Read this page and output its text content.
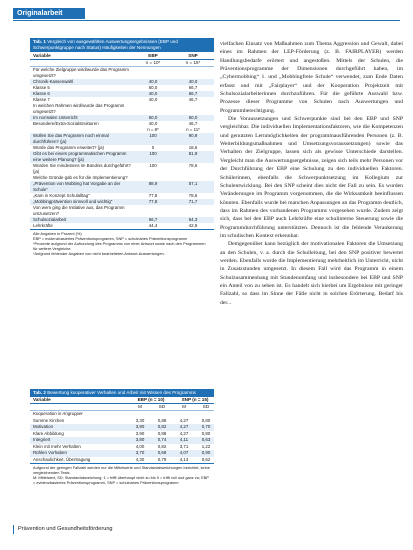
Originalarbeit
Tab. 1 Vergleich von ausgewählten Auswertungsergebnissen (EBP und Schwerpunktgruppe nach Status) Häufigkeiten der Nennungen
Variable	EBP	SNP
n = 10*	n = 15*
Für welche Zielgruppe wird/wurde das Programm umgesetzt?
Chronik-Kassenwahl	40,0	40,0
Klasse 5	60,0	66,7
Klasse 6	40,0	66,7
Klasse 7	40,0	46,7
In welchen Rahmen wird/wurde das Programm umgesetzt?
Im normalen Unterricht	60,0	60,0
Besondere/Extra-Sozialstrukturen	40,0	46,7
n = 8*	n = 11*
Wollen Sie das Programm noch einmal durchführen? (ja)
100	90,9
Würde das Programm erweitert? (ja)	0	18,6
Gibt es bei einem programmatischen Programm eine weitere Planung? (ja)
100	81,9
Würden Sie mindestens im Bündnis durchgeführt? (ja)
100	78,6
Welche Gründe gab es für die Implementierung?
„Prävention von Mobbing hat Vorgabe an der Schule“
88,9	57,1
„Kam in Konzept Schulalltag“	77,8	78,6
„Mobbingprävention sinnvoll und wichtig“	77,8	71,7
Von wem ging die Initiative aus, das Programm umzusetzen?
Schulsozialarbeit	66,7	64,3
Lehrkräfte	44,4	42,9
Alle Angaben in Prozent (%)
EBP = evidenzbasiertes Präventionsprogramm, SNP = schulnahes Präventionsprogramm
*Prozente aufgrund der Aufrundung des Programms von einer Antwort sowie nach den Programmen für weitere Vergleiche.
*Aufgrund fehlender Angaben von nicht bearbeiteten Antwort-Auswertungen.
Tab. 2 Bewertung kooperativer Verhalten und Arbeit mit Wissen des Programms
Variable	EBP (n = 10)	SNP (n = 15)
M	SD	M	SD
Kooperation in Angrupper
Summe Kirchen	3,30	0,88	4,27	0,80
Motivation	3,90	0,82	4,27	0,70
Klare Abbildung	3,90	0,88	4,27	0,80
Integriert	3,80	0,74	4,11	0,63
Klein mit mehr Verhalten	4,00	0,82	3,71	1,22
Rühlen Vorhaben	3,70	0,68	4,07	0,90
Anschaulichkeit, Übertragung	4,30	0,79	4,13	0,62
Aufgrund der geringen Fallzahl werden nur die Mittelwerte und Standardabweichungen berichtet, keine vergleichenden Tests.
M: Mittelwert, SD: Standardabweichung; 1 = trifft überhaupt nicht zu bis 5 = trifft voll und ganz zu; EBP = evidenzbasiertes Präventionsprogramm, SNP = schulnahes Präventionsprogramm

vielfachen Einsatz von Maßnahmen zum Thema Aggression und Gewalt, dabei eines im Rahmen der LEP-Förderung (z. B. FAIRPLAYER) werden Handlungsbedarfe erörtert und angestoßen. Mittels der Schulen, die Präventionsprogramme der Dimensionen durchgeführt haben, im „Cybermobbing“ 1. und „Mobbingfreie Schule“ verwendet, zum Ende Daten erfasst und mit „Fairplayer“ und der Kooperation Projektzeit mit Schulsozialarbeiterinnen durchzuführen. Für die geführte Auswahl bzw. Prozesse dieser Programme von Schulen nach Auswertungen und Programmberechtigung.

Die Voraussetzungen und Schwerpunkte sind bei den EBP und SNP vergleichbar. Die individuellen Implementationsfaktoren, wie die Kompetenzen und genutzten Lernmöglichkeiten der programmausführenden Personen (z. B. Weiterbildungsmaßnahmen und Umsetzungsvoraussetzungen) sowie das Verhalten der Zielgruppe, lassen sich als gewisse Unterschiede darstellen. Vergleicht man die Auswertungsergebnisse, zeigen sich teils mehr Personen vor der Durchführung der EBP eine Schulung zu den individuellen Faktoren. Schülerinnen, ebenfalls die Schwerpunktsetzung im Kollegium zur Schulentwicklung. Bei den SNP scheint dies nicht der Fall zu sein. Es wurden Veränderungen im Programm vorgenommen, die die Wirksamkeit beeinflussen könnten. Ebenfalls wurde bei manchen Anpassungen an das Programm deutlich, dass im Rahmen des vorhandenen Programms vorgesehen wurde. Zudem zeigt sich, dass bei den EBP auch Lehrkräfte eine schulinterne Steuerung sowie die Programmdurchführung unterstützten. Dennoch ist die fehlende Verankerung im schulischen Kontext erkennbar.

Demgegenüber kann bezüglich der motivationalen Faktoren die Umsetzung an den Schulen, v. a. durch die Schulleitung, bei den SNP positiver bewertet werden. Ebenfalls wurde die Implementierung mehrheitlich im Unterricht, nicht in Zusatzstunden umgesetzt. In diesem Fall wird das Programm in einem Schulzusammenhang mit Stundenumfang und insbesondere bei EBP und SNP ein Anteil von zu sehen ist. Es handelt sich hierbei um Ergebnisse mit geringer Fallzahl, so dass im Sinne der Fälle nicht in solchen Erörterung. Bedarf bis der...

Prävention und Gesundheitsförderung
